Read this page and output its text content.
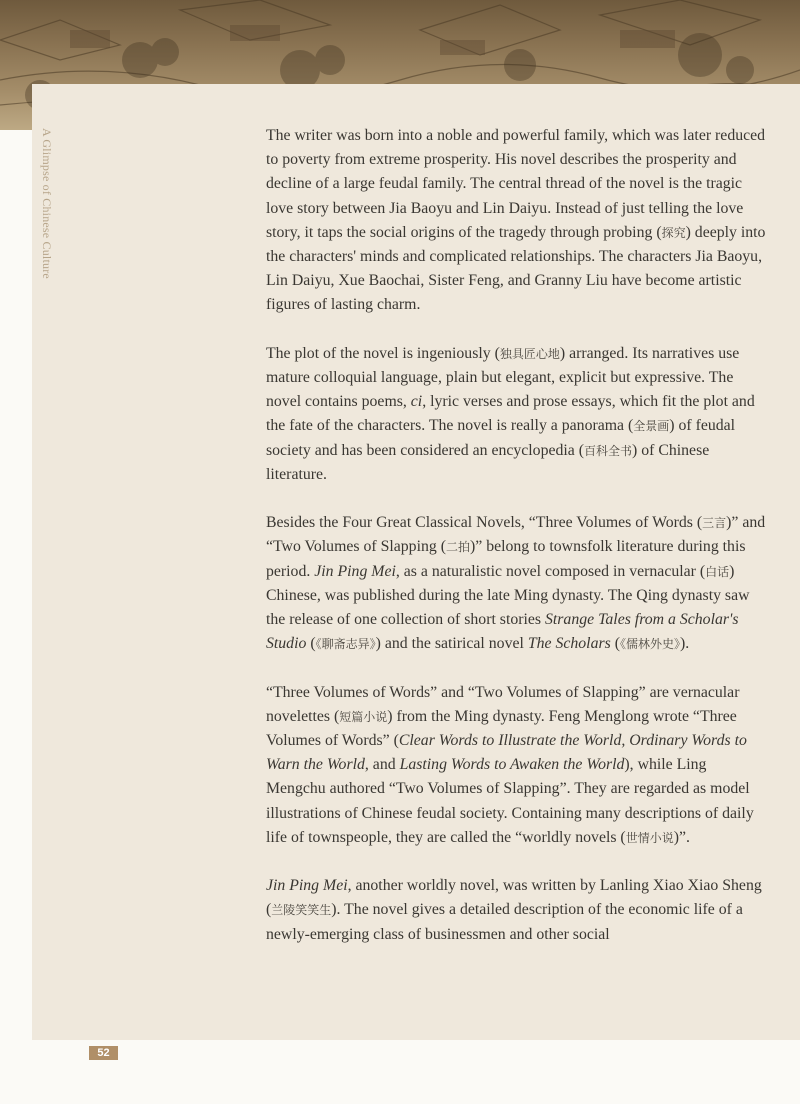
A Glimpse of Chinese Culture	The writer was born into a noble and powerful family, which was later reduced to poverty from extreme prosperity. His novel describes the prosperity and decline of a large feudal family. The central thread of the novel is the tragic love story between Jia Baoyu and Lin Daiyu. Instead of just telling the love story, it taps the social origins of the tragedy through probing (探究) deeply into the characters' minds and complicated relationships. The characters Jia Baoyu, Lin Daiyu, Xue Baochai, Sister Feng, and Granny Liu have become artistic figures of lasting charm.

The plot of the novel is ingeniously (独具匠心地) arranged. Its narratives use mature colloquial language, plain but elegant, explicit but expressive. The novel contains poems, ci, lyric verses and prose essays, which fit the plot and the fate of the characters. The novel is really a panorama (全景画) of feudal society and has been considered an encyclopedia (百科全书) of Chinese literature.

Besides the Four Great Classical Novels, “Three Volumes of Words (三言)” and “Two Volumes of Slapping (二拍)” belong to townsfolk literature during this period. Jin Ping Mei, as a naturalistic novel composed in vernacular (白话) Chinese, was published during the late Ming dynasty. The Qing dynasty saw the release of one collection of short stories Strange Tales from a Scholar's Studio (《聊斋志异》) and the satirical novel The Scholars (《儒林外史》).

“Three Volumes of Words” and “Two Volumes of Slapping” are vernacular novelettes (短篇小说) from the Ming dynasty. Feng Menglong wrote “Three Volumes of Words” (Clear Words to Illustrate the World, Ordinary Words to Warn the World, and Lasting Words to Awaken the World), while Ling Mengchu authored “Two Volumes of Slapping”. They are regarded as model illustrations of Chinese feudal society. Containing many descriptions of daily life of townspeople, they are called the “worldly novels (世情小说)”.

Jin Ping Mei, another worldly novel, was written by Lanling Xiao Xiao Sheng (兰陵笑笑生). The novel gives a detailed description of the economic life of a newly-emerging class of businessmen and other social

52
